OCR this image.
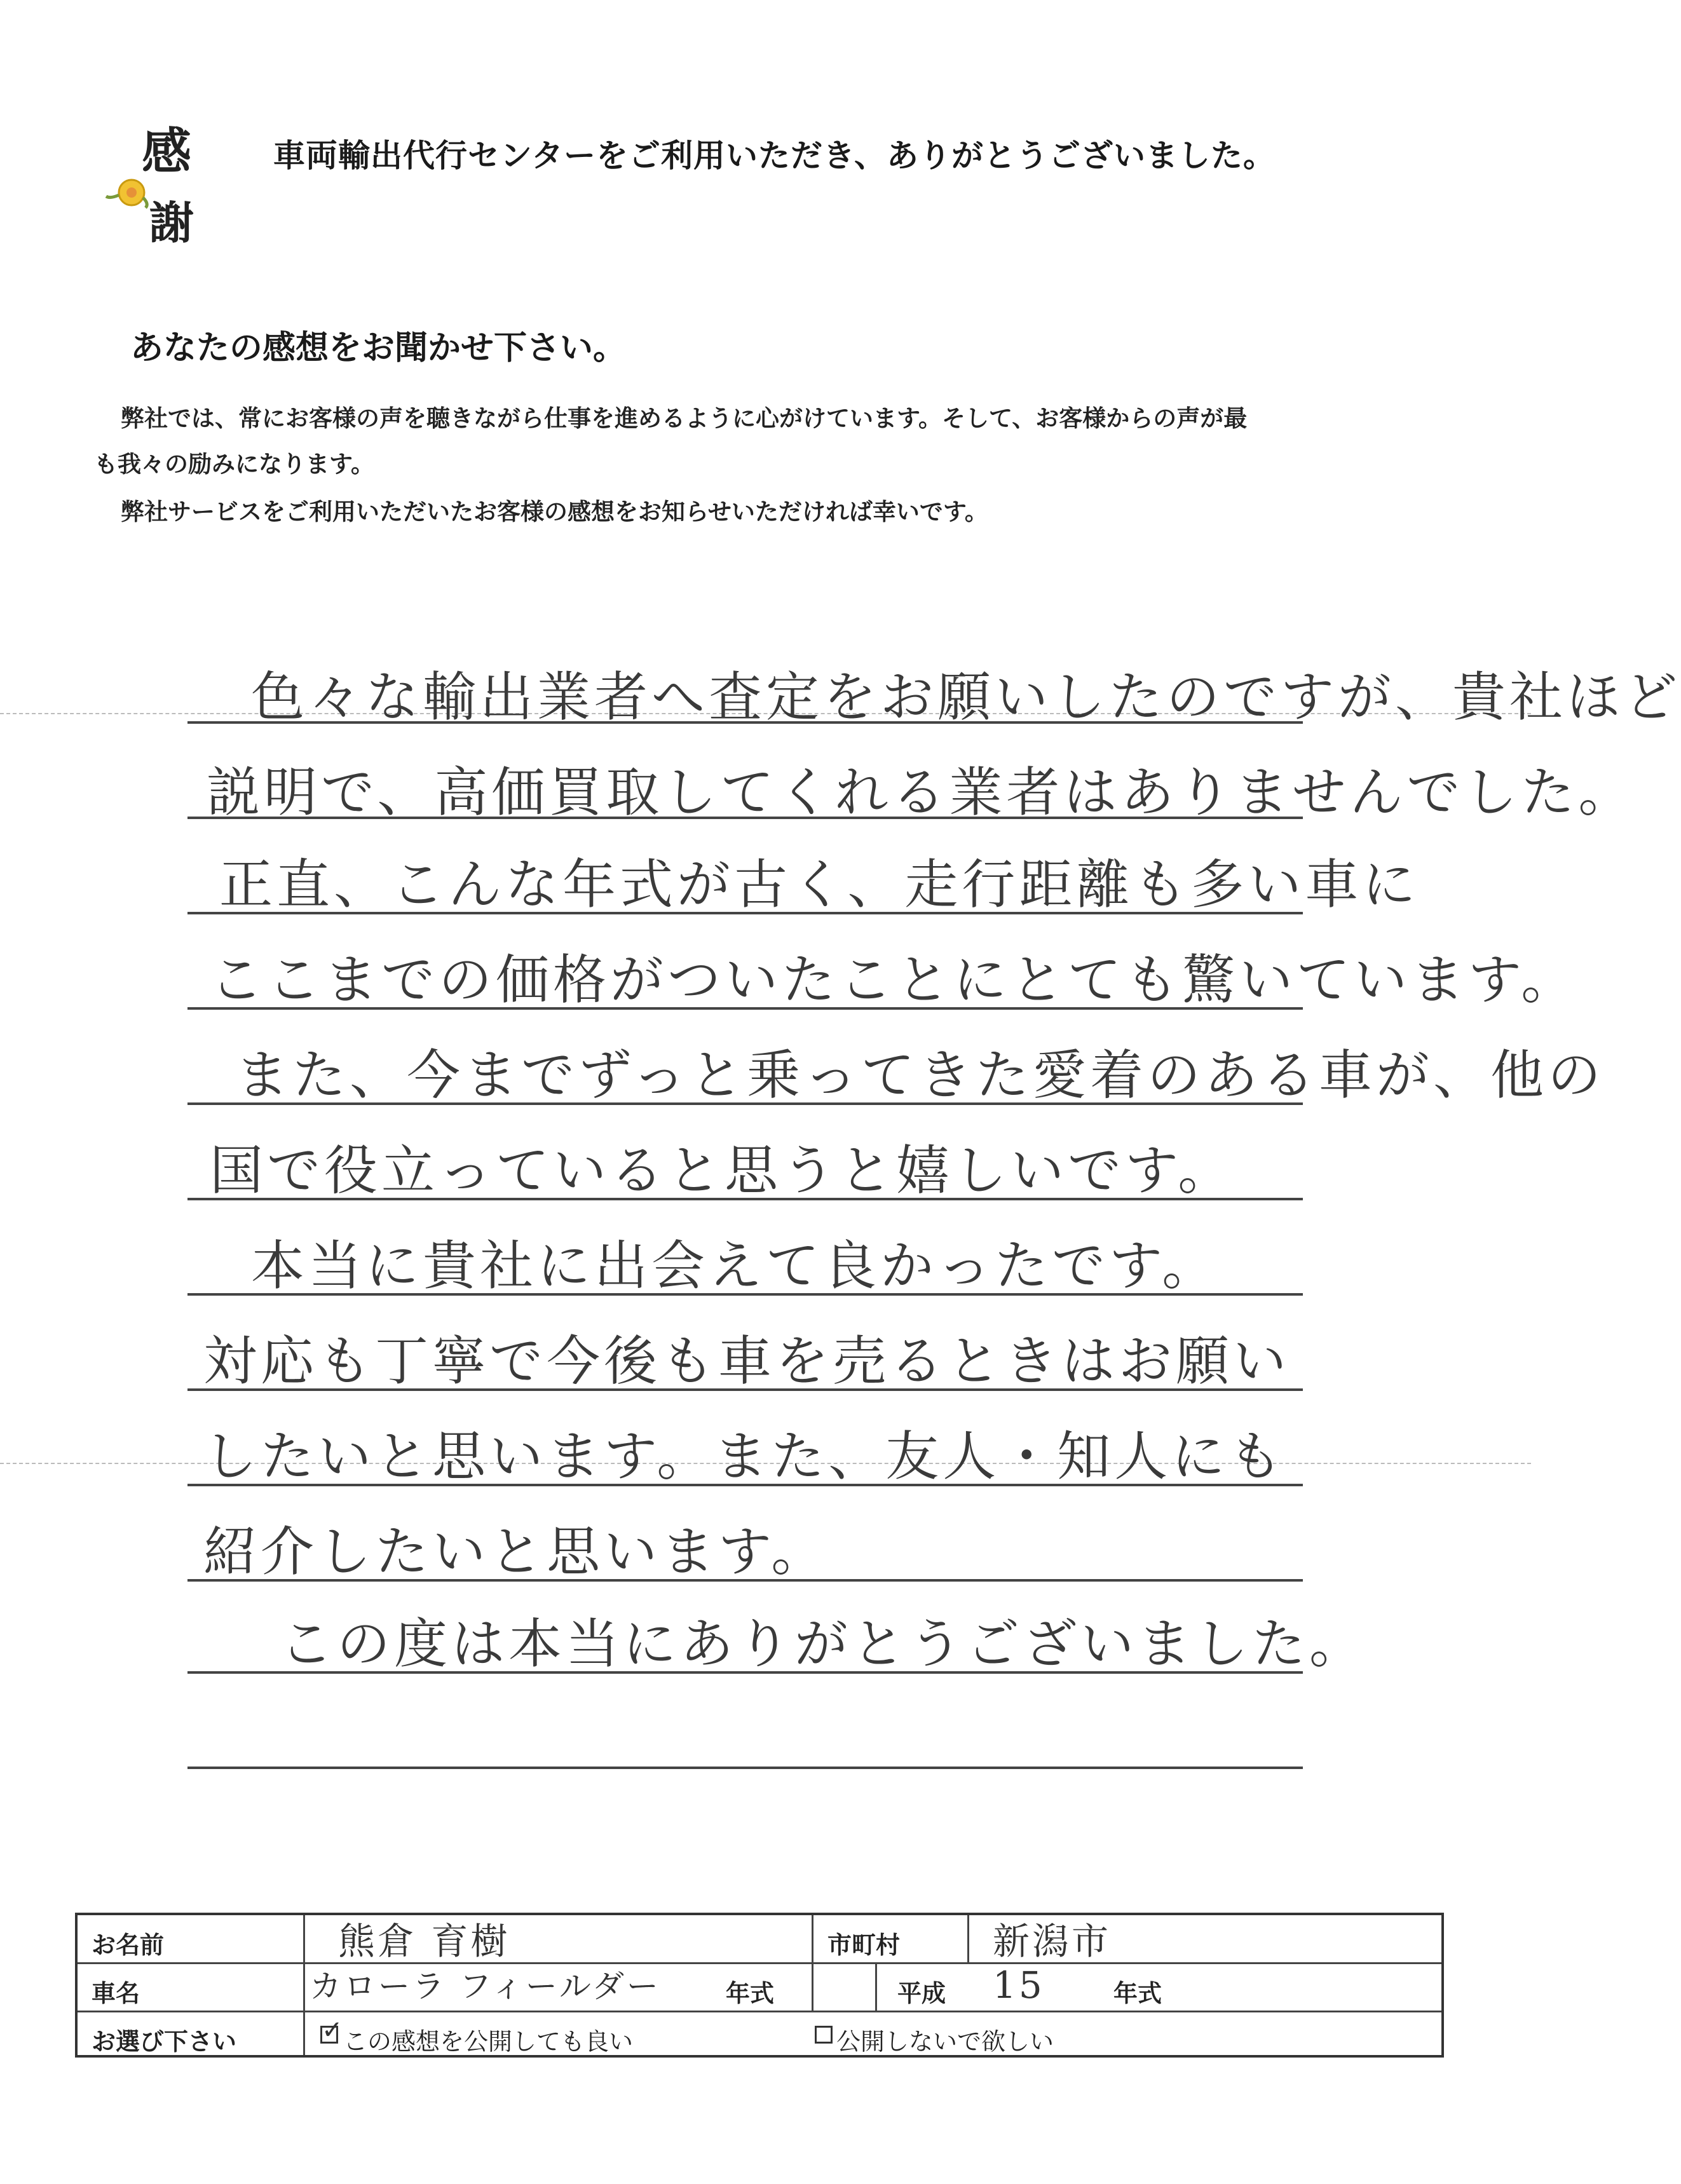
感
謝
車両輸出代行センターをご利用いただき、ありがとうございました。
あなたの感想をお聞かせ下さい。
弊社では、常にお客様の声を聴きながら仕事を進めるように心がけています。そして、お客様からの声が最
も我々の励みになります。
弊社サービスをご利用いただいたお客様の感想をお知らせいただければ幸いです。
色々な輸出業者へ査定をお願いしたのですが、貴社ほど
説明で、高価買取してくれる業者はありませんでした。
正直、こんな年式が古く、走行距離も多い車に
ここまでの価格がついたことにとても驚いています。
また、今までずっと乗ってきた愛着のある車が、他の
国で役立っていると思うと嬉しいです。
本当に貴社に出会えて良かったです。
対応も丁寧で今後も車を売るときはお願い
したいと思います。また、友人・知人にも
紹介したいと思います。
この度は本当にありがとうございました。
お名前	熊倉 育樹	市町村	新潟市
車名	カローラ フィールダー	年式	平成 15	年式
お選び下さい	✓ この感想を公開しても良い	公開しないで欲しい
